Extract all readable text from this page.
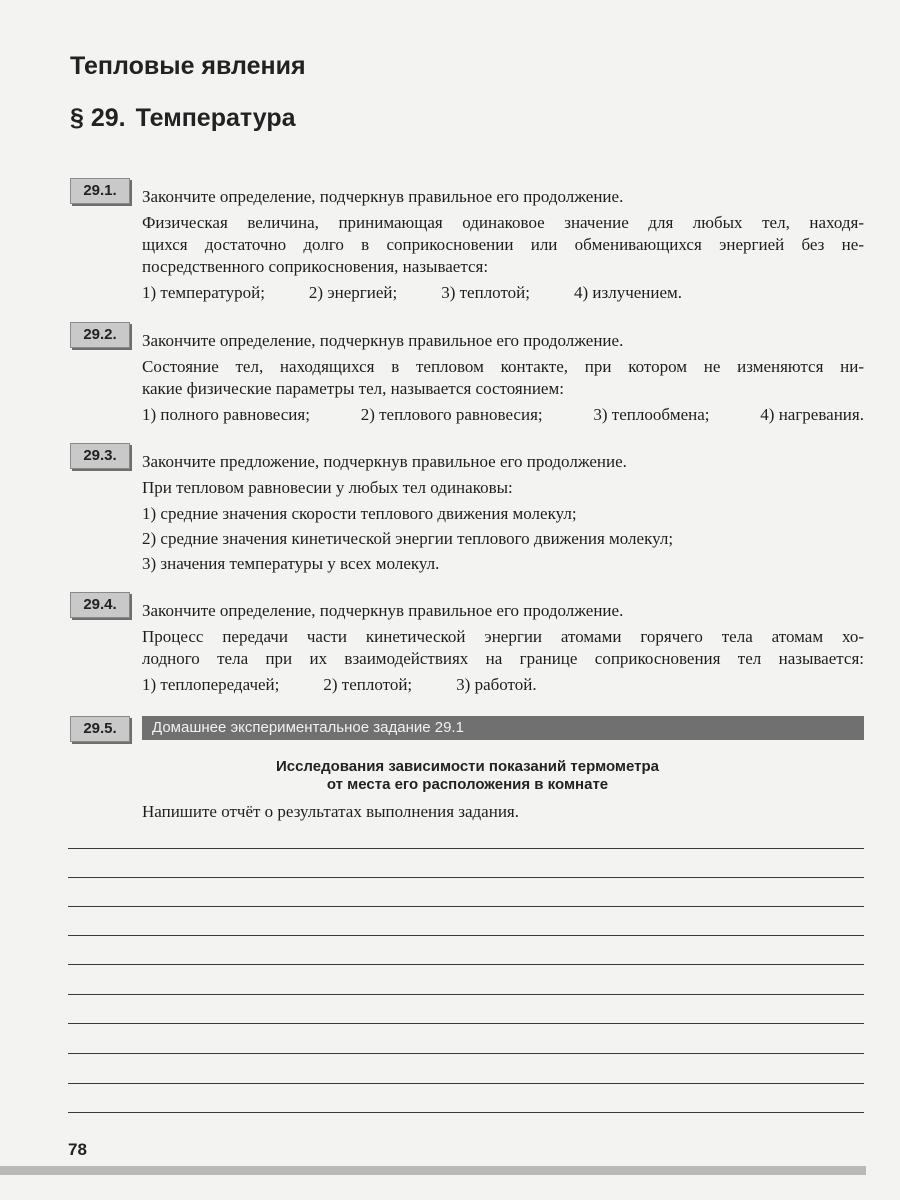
Тепловые явления
§ 29. Температура
29.1.	Закончите определение, подчеркнув правильное его продолжение.
Физическая величина, принимающая одинаковое значение для любых тел, находя-
щихся достаточно долго в соприкосновении или обменивающихся энергией без не-
посредственного соприкосновения, называется:
1) температурой;	2) энергией;	3) теплотой;	4) излучением.
29.2.	Закончите определение, подчеркнув правильное его продолжение.
Состояние тел, находящихся в тепловом контакте, при котором не изменяются ни-
какие физические параметры тел, называется состоянием:
1) полного равновесия;	2) теплового равновесия;	3) теплообмена;	4) нагревания.
29.3.	Закончите предложение, подчеркнув правильное его продолжение.
При тепловом равновесии у любых тел одинаковы:
1) средние значения скорости теплового движения молекул;
2) средние значения кинетической энергии теплового движения молекул;
3) значения температуры у всех молекул.
29.4.	Закончите определение, подчеркнув правильное его продолжение.
Процесс передачи части кинетической энергии атомами горячего тела атомам хо-
лодного тела при их взаимодействиях на границе соприкосновения тел называется:
1) теплопередачей;	2) теплотой;	3) работой.
29.5.	Домашнее экспериментальное задание 29.1
Исследования зависимости показаний термометра
от места его расположения в комнате
Напишите отчёт о результатах выполнения задания.
78
